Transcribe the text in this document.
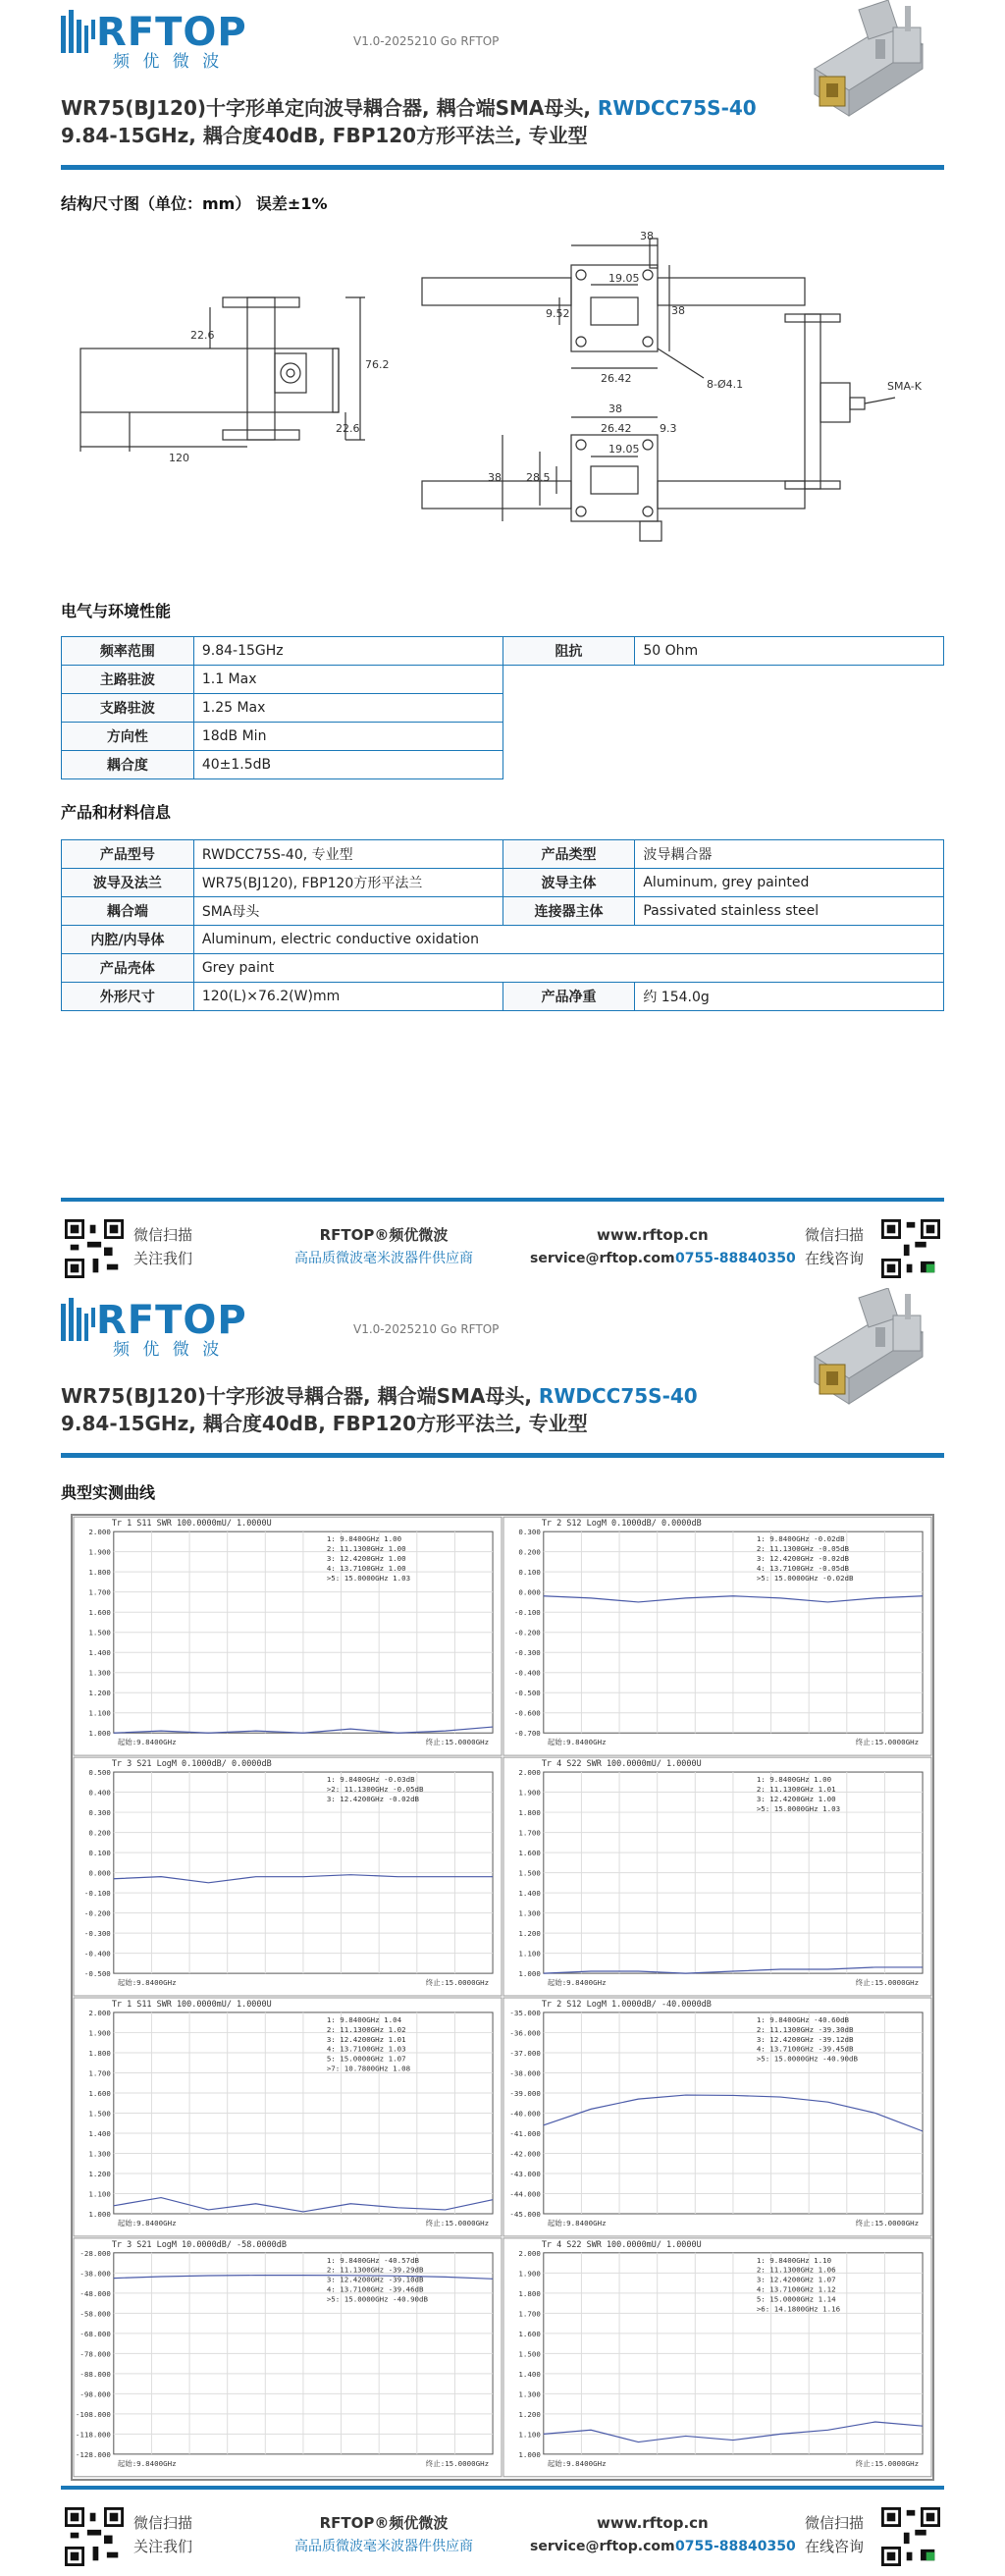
RFTOP
频 优 微 波
V1.0-2025210 Go RFTOP
WR75(BJ120)十字形单定向波导耦合器, 耦合端SMA母头, RWDCC75S-40
9.84-15GHz, 耦合度40dB, FBP120方形平法兰, 专业型
结构尺寸图（单位：mm） 误差±1%
38
19.05
9.52
26.42
38
8-Ø4.1
76.2
22.6
22.6
120
38
19.05
26.42	9.3
38 28.5
SMA-K
电气与环境性能
频率范围	9.84-15GHz	阻抗	50 Ohm
主路驻波	1.1 Max		
支路驻波	1.25 Max		
方向性	18dB Min		
耦合度	40±1.5dB		
产品和材料信息
产品型号	RWDCC75S-40, 专业型	产品类型	波导耦合器
波导及法兰	WR75(BJ120), FBP120方形平法兰	波导主体	Aluminum, grey painted
耦合端	SMA母头	连接器主体	Passivated stainless steel
内腔/内导体	Aluminum, electric conductive oxidation		
产品壳体	Grey paint		
外形尺寸	120(L)×76.2(W)mm	产品净重	约 154.0g
微信扫描
关注我们
RFTOP®频优微波
高品质微波毫米波器件供应商
www.rftop.cn
service@rftop.com 0755-88840350
微信扫描
在线咨询
RFTOP
频 优 微 波
V1.0-2025210 Go RFTOP
WR75(BJ120)十字形波导耦合器, 耦合端SMA母头, RWDCC75S-40
9.84-15GHz, 耦合度40dB, FBP120方形平法兰, 专业型
典型实测曲线
Tr 1 S11 SWR 100.0000mU/ 1.0000U
2.000
1.900
1.800
1.700
1.600
1.500
1.400
1.300
1.200
1.100
1.000
1: 9.8400GHz 1.00
2: 11.1300GHz 1.00
3: 12.4200GHz 1.00
4: 13.7100GHz 1.00
>5: 15.0000GHz 1.03
起始:9.8400GHz	终止:15.0000GHz
Tr 2 S12 LogM 0.1000dB/ 0.0000dB
0.300
0.200
0.100
0.000
-0.100
-0.200
-0.300
-0.400
-0.500
-0.600
-0.700
1: 9.8400GHz -0.02dB
2: 11.1300GHz -0.05dB
3: 12.4200GHz -0.02dB
4: 13.7100GHz -0.05dB
>5: 15.0000GHz -0.02dB
起始:9.8400GHz	终止:15.0000GHz
Tr 3 S21 LogM 0.1000dB/ 0.0000dB
0.500
0.400
0.300
0.200
0.100
0.000
-0.100
-0.200
-0.300
-0.400
-0.500
1: 9.8400GHz -0.03dB
>2: 11.1300GHz -0.05dB
3: 12.4200GHz -0.02dB
起始:9.8400GHz	终止:15.0000GHz
Tr 4 S22 SWR 100.0000mU/ 1.0000U
2.000
1.900
1.800
1.700
1.600
1.500
1.400
1.300
1.200
1.100
1.000
1: 9.8400GHz 1.00
2: 11.1300GHz 1.01
3: 12.4200GHz 1.00
>5: 15.0000GHz 1.03
起始:9.8400GHz	终止:15.0000GHz
Tr 1 S11 SWR 100.0000mU/ 1.0000U
2.000
1.900
1.800
1.700
1.600
1.500
1.400
1.300
1.200
1.100
1.000
1: 9.8400GHz 1.04
2: 11.1300GHz 1.02
3: 12.4200GHz 1.01
4: 13.7100GHz 1.03
5: 15.0000GHz 1.07
>7: 10.7800GHz 1.08
起始:9.8400GHz	终止:15.0000GHz
Tr 2 S12 LogM 1.0000dB/ -40.0000dB
-35.000
-36.000
-37.000
-38.000
-39.000
-40.000
-41.000
-42.000
-43.000
-44.000
-45.000
1: 9.8400GHz -40.60dB
2: 11.1300GHz -39.30dB
3: 12.4200GHz -39.12dB
4: 13.7100GHz -39.45dB
>5: 15.0000GHz -40.90dB
起始:9.8400GHz	终止:15.0000GHz
Tr 3 S21 LogM 10.0000dB/ -58.0000dB
-28.000
-38.000
-48.000
-58.000
-68.000
-78.000
-88.000
-98.000
-108.000
-118.000
-128.000
1: 9.8400GHz -40.57dB
2: 11.1300GHz -39.29dB
3: 12.4200GHz -39.10dB
4: 13.7100GHz -39.46dB
>5: 15.0000GHz -40.90dB
起始:9.8400GHz	终止:15.0000GHz
Tr 4 S22 SWR 100.0000mU/ 1.0000U
2.000
1.900
1.800
1.700
1.600
1.500
1.400
1.300
1.200
1.100
1.000
1: 9.8400GHz 1.10
2: 11.1300GHz 1.06
3: 12.4200GHz 1.07
4: 13.7100GHz 1.12
5: 15.0000GHz 1.14
>6: 14.1800GHz 1.16
起始:9.8400GHz	终止:15.0000GHz
微信扫描
关注我们
RFTOP®频优微波
高品质微波毫米波器件供应商
www.rftop.cn
service@rftop.com 0755-88840350
微信扫描
在线咨询
